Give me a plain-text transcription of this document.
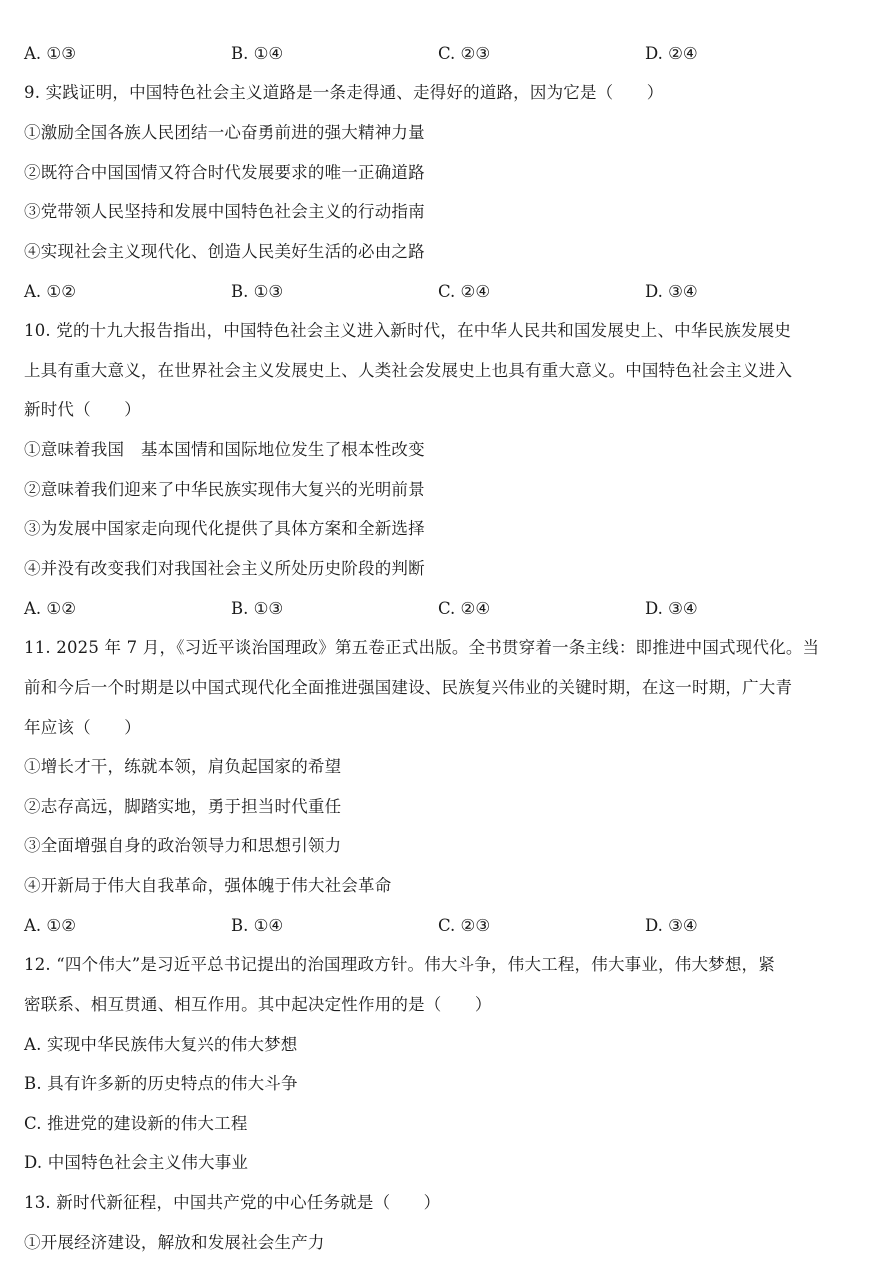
A. ①③	B. ①④	C. ②③	D. ②④
9. 实践证明，中国特色社会主义道路是一条走得通、走得好的道路，因为它是（　　）
①激励全国各族人民团结一心奋勇前进的强大精神力量
②既符合中国国情又符合时代发展要求的唯一正确道路
③党带领人民坚持和发展中国特色社会主义的行动指南
④实现社会主义现代化、创造人民美好生活的必由之路
A. ①②	B. ①③	C. ②④	D. ③④
10. 党的十九大报告指出，中国特色社会主义进入新时代，在中华人民共和国发展史上、中华民族发展史
上具有重大意义，在世界社会主义发展史上、人类社会发展史上也具有重大意义。中国特色社会主义进入
新时代（　　）
①意味着我国　基本国情和国际地位发生了根本性改变
②意味着我们迎来了中华民族实现伟大复兴的光明前景
③为发展中国家走向现代化提供了具体方案和全新选择
④并没有改变我们对我国社会主义所处历史阶段的判断
A. ①②	B. ①③	C. ②④	D. ③④
11. 2025 年 7 月，《习近平谈治国理政》第五卷正式出版。全书贯穿着一条主线：即推进中国式现代化。当
前和今后一个时期是以中国式现代化全面推进强国建设、民族复兴伟业的关键时期，在这一时期，广大青
年应该（　　）
①增长才干，练就本领，肩负起国家的希望
②志存高远，脚踏实地，勇于担当时代重任
③全面增强自身的政治领导力和思想引领力
④开新局于伟大自我革命，强体魄于伟大社会革命
A. ①②	B. ①④	C. ②③	D. ③④
12. “四个伟大”是习近平总书记提出的治国理政方针。伟大斗争，伟大工程，伟大事业，伟大梦想，紧
密联系、相互贯通、相互作用。其中起决定性作用的是（　　）
A. 实现中华民族伟大复兴的伟大梦想
B. 具有许多新的历史特点的伟大斗争
C. 推进党的建设新的伟大工程
D. 中国特色社会主义伟大事业
13. 新时代新征程，中国共产党的中心任务就是（　　）
①开展经济建设，解放和发展社会生产力
